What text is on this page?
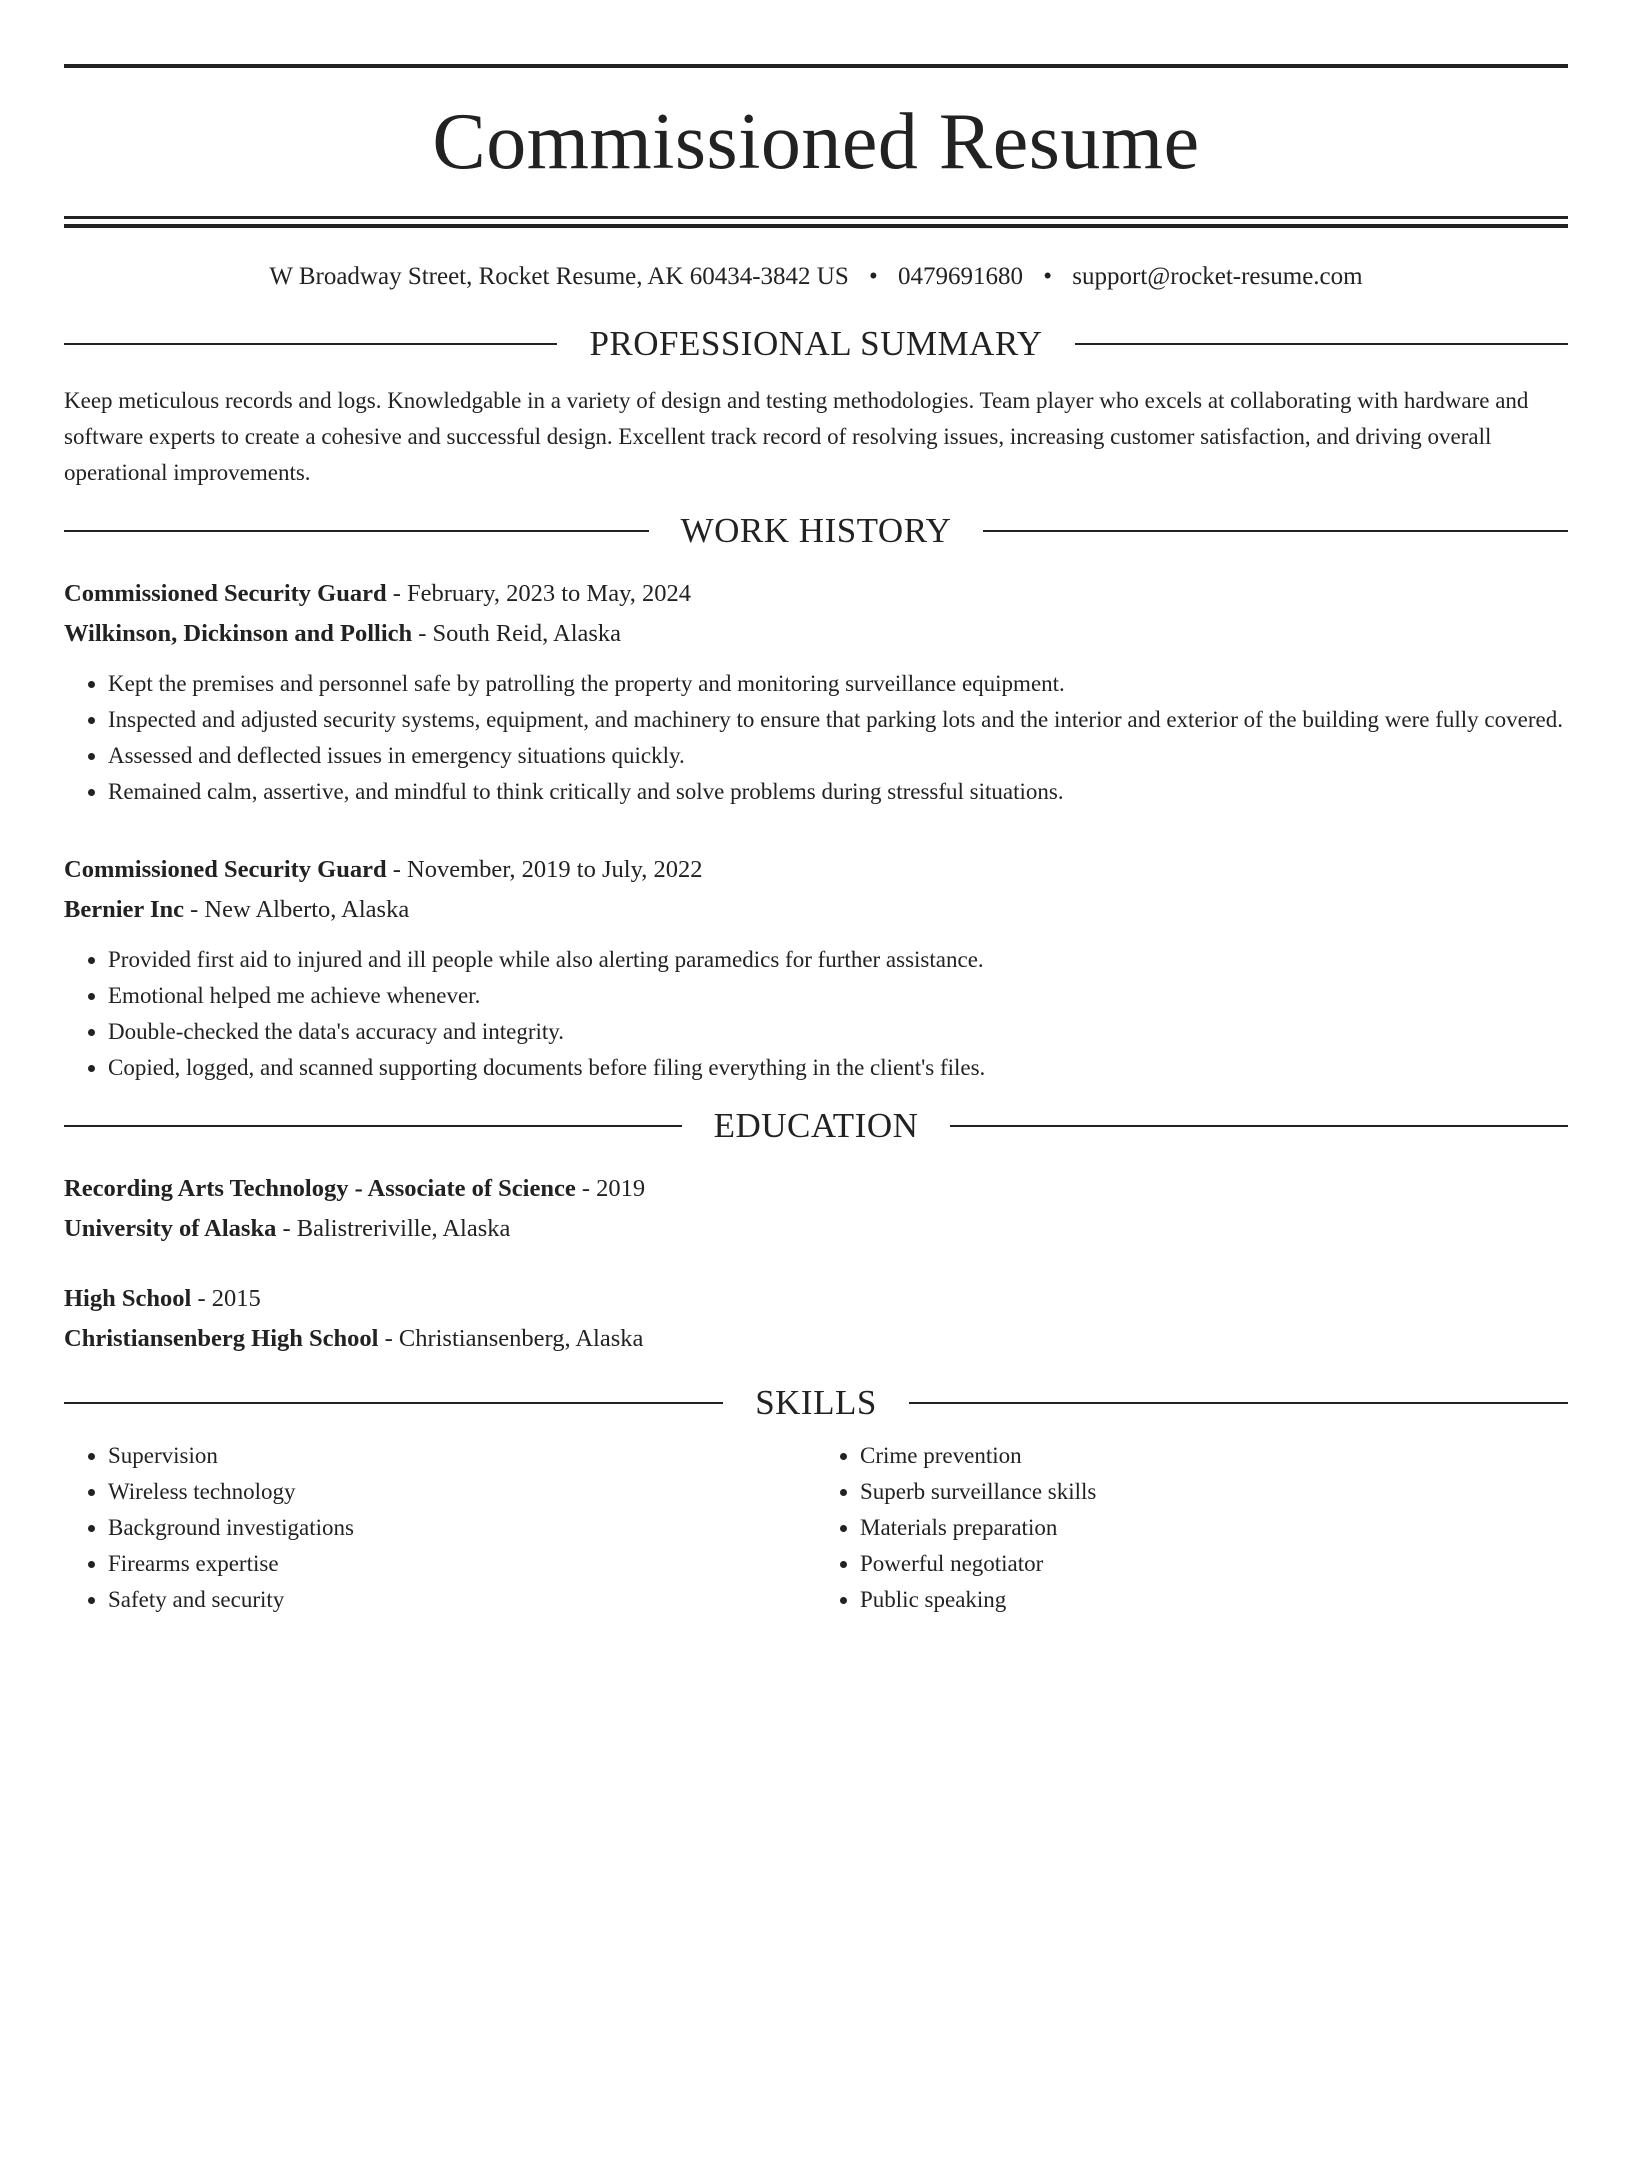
Commissioned Resume
W Broadway Street, Rocket Resume, AK 60434-3842 US • 0479691680 • support@rocket-resume.com
PROFESSIONAL SUMMARY
Keep meticulous records and logs. Knowledgable in a variety of design and testing methodologies. Team player who excels at collaborating with hardware and software experts to create a cohesive and successful design. Excellent track record of resolving issues, increasing customer satisfaction, and driving overall operational improvements.
WORK HISTORY
Commissioned Security Guard - February, 2023 to May, 2024
Wilkinson, Dickinson and Pollich - South Reid, Alaska
• Kept the premises and personnel safe by patrolling the property and monitoring surveillance equipment.
• Inspected and adjusted security systems, equipment, and machinery to ensure that parking lots and the interior and exterior of the building were fully covered.
• Assessed and deflected issues in emergency situations quickly.
• Remained calm, assertive, and mindful to think critically and solve problems during stressful situations.
Commissioned Security Guard - November, 2019 to July, 2022
Bernier Inc - New Alberto, Alaska
• Provided first aid to injured and ill people while also alerting paramedics for further assistance.
• Emotional helped me achieve whenever.
• Double-checked the data's accuracy and integrity.
• Copied, logged, and scanned supporting documents before filing everything in the client's files.
EDUCATION
Recording Arts Technology - Associate of Science - 2019
University of Alaska - Balistreriville, Alaska
High School - 2015
Christiansenberg High School - Christiansenberg, Alaska
SKILLS
• Supervision
• Wireless technology
• Background investigations
• Firearms expertise
• Safety and security
• Crime prevention
• Superb surveillance skills
• Materials preparation
• Powerful negotiator
• Public speaking
